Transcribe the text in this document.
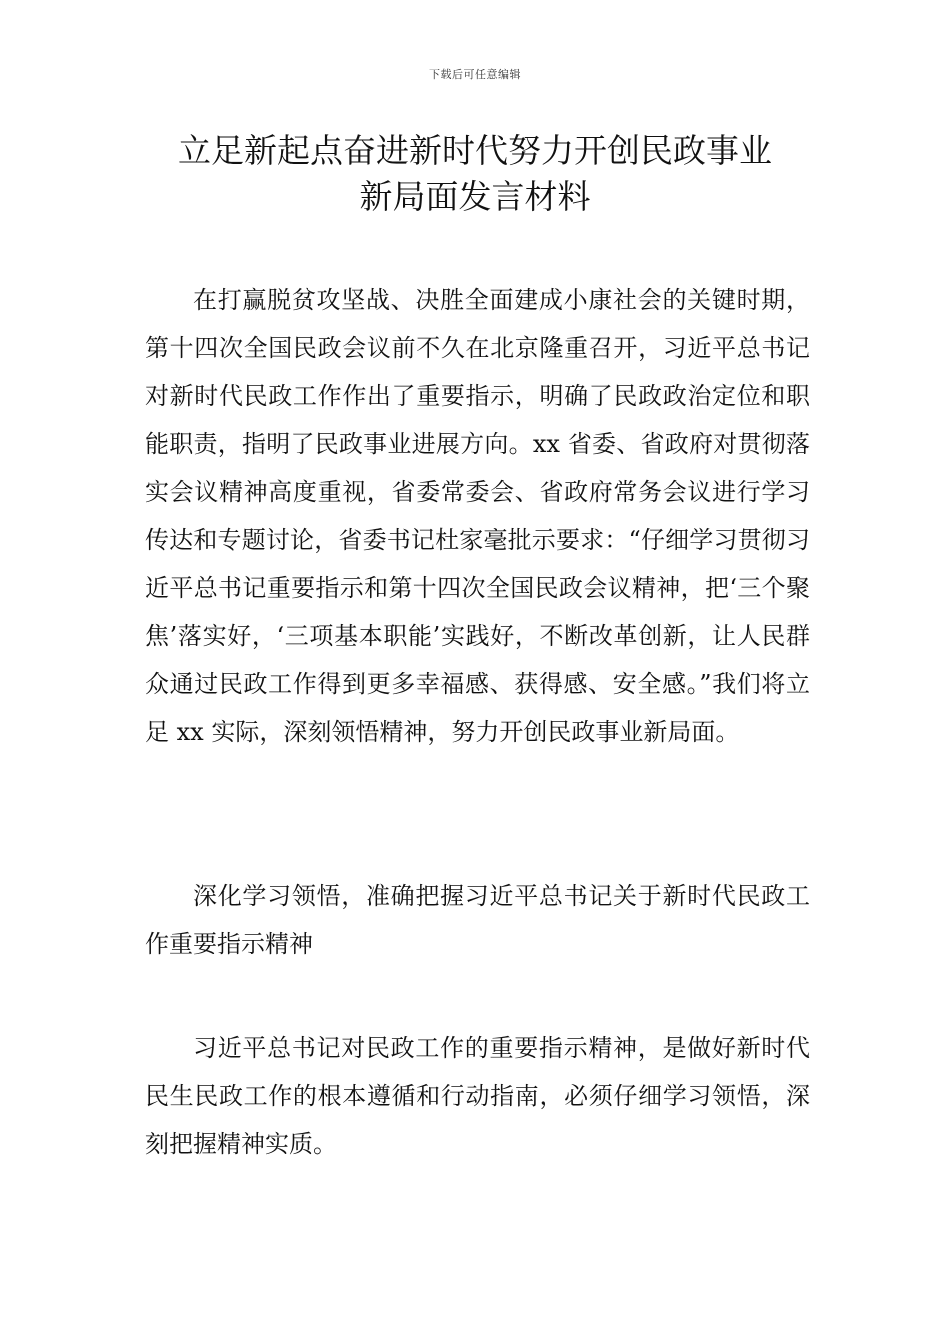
下载后可任意编辑
立足新起点奋进新时代努力开创民政事业
新局面发言材料

在打赢脱贫攻坚战、决胜全面建成小康社会的关键时期，第十四次全国民政会议前不久在北京隆重召开，习近平总书记对新时代民政工作作出了重要指示，明确了民政政治定位和职能职责，指明了民政事业进展方向。xx 省委、省政府对贯彻落实会议精神高度重视，省委常委会、省政府常务会议进行学习传达和专题讨论，省委书记杜家毫批示要求：“仔细学习贯彻习近平总书记重要指示和第十四次全国民政会议精神，把‘三个聚焦’落实好，‘三项基本职能’实践好，不断改革创新，让人民群众通过民政工作得到更多幸福感、获得感、安全感。”我们将立足 xx 实际，深刻领悟精神，努力开创民政事业新局面。

深化学习领悟，准确把握习近平总书记关于新时代民政工作重要指示精神

习近平总书记对民政工作的重要指示精神，是做好新时代民生民政工作的根本遵循和行动指南，必须仔细学习领悟，深刻把握精神实质。
